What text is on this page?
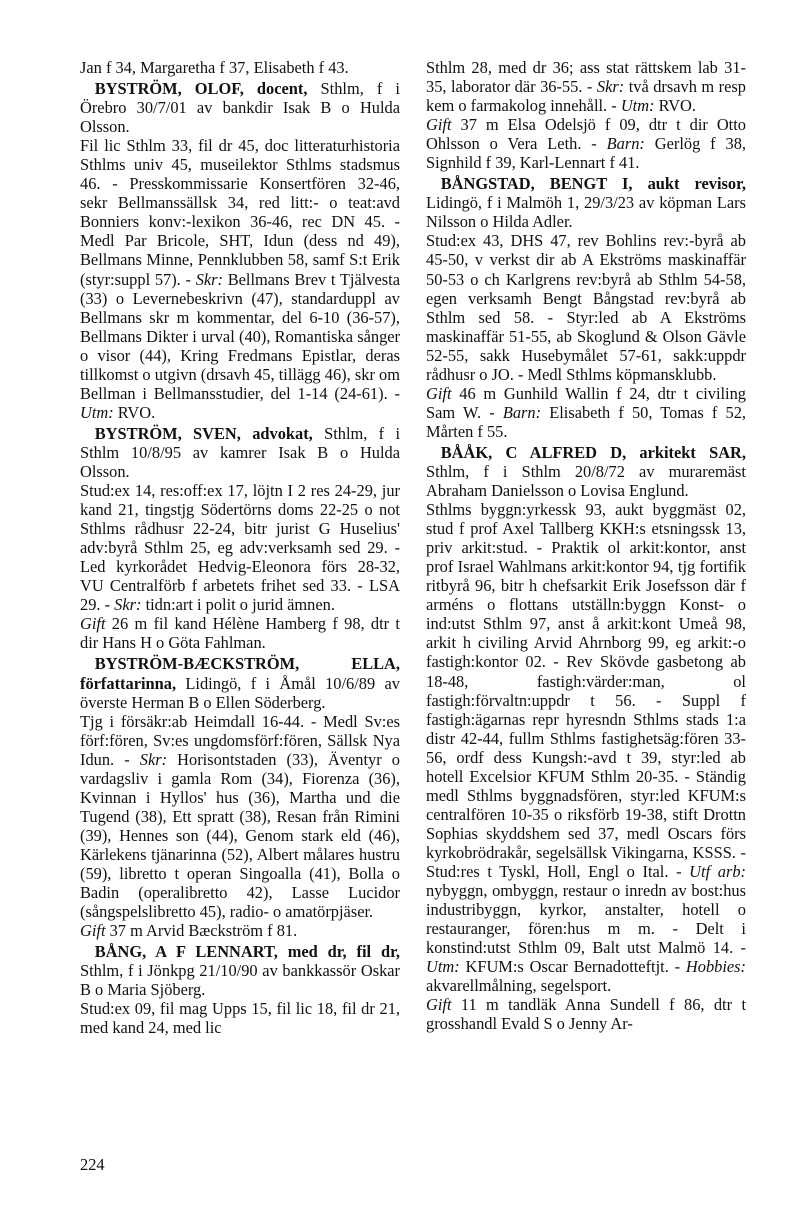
Jan f 34, Margaretha f 37, Elisabeth f 43.

BYSTRÖM, OLOF, docent, Sthlm, f i Örebro 30/7/01 av bankdir Isak B o Hulda Olsson.

Fil lic Sthlm 33, fil dr 45, doc litteraturhistoria Sthlms univ 45, museilektor Sthlms stadsmus 46. - Presskommissarie Konsertfören 32-46, sekr Bellmanssällsk 34, red litt:- o teat:avd Bonniers konv:-lexikon 36-46, rec DN 45. - Medl Par Bricole, SHT, Idun (dess nd 49), Bellmans Minne, Pennklubben 58, samf S:t Erik (styr:suppl 57). - Skr: Bellmans Brev t Tjälvesta (33) o Levernebeskrivn (47), standarduppl av Bellmans skr m kommentar, del 6-10 (36-57), Bellmans Dikter i urval (40), Romantiska sånger o visor (44), Kring Fredmans Epistlar, deras tillkomst o utgivn (drsavh 45, tillägg 46), skr om Bellman i Bellmansstudier, del 1-14 (24-61). - Utm: RVO.

BYSTRÖM, SVEN, advokat, Sthlm, f i Sthlm 10/8/95 av kamrer Isak B o Hulda Olsson.

Stud:ex 14, res:off:ex 17, löjtn I 2 res 24-29, jur kand 21, tingstjg Södertörns doms 22-25 o not Sthlms rådhusr 22-24, bitr jurist G Huselius' adv:byrå Sthlm 25, eg adv:verksamh sed 29. - Led kyrkorådet Hedvig-Eleonora förs 28-32, VU Centralförb f arbetets frihet sed 33. - LSA 29. - Skr: tidn:art i polit o jurid ämnen.

Gift 26 m fil kand Hélène Hamberg f 98, dtr t dir Hans H o Göta Fahlman.

BYSTRÖM-BÆCKSTRÖM, ELLA, författarinna, Lidingö, f i Åmål 10/6/89 av överste Herman B o Ellen Söderberg.

Tjg i försäkr:ab Heimdall 16-44. - Medl Sv:es förf:fören, Sv:es ungdomsförf:fören, Sällsk Nya Idun. - Skr: Horisontstaden (33), Äventyr o vardagsliv i gamla Rom (34), Fiorenza (36), Kvinnan i Hyllos' hus (36), Martha und die Tugend (38), Ett spratt (38), Resan från Rimini (39), Hennes son (44), Genom stark eld (46), Kärlekens tjänarinna (52), Albert målares hustru (59), libretto t operan Singoalla (41), Bolla o Badin (operalibretto 42), Lasse Lucidor (sångspelslibretto 45), radio- o amatörpjäser.

Gift 37 m Arvid Bæckström f 81.

BÅNG, A F LENNART, med dr, fil dr, Sthlm, f i Jönkpg 21/10/90 av bankkassör Oskar B o Maria Sjöberg.

Stud:ex 09, fil mag Upps 15, fil lic 18, fil dr 21, med kand 24, med lic

Sthlm 28, med dr 36; ass stat rättskem lab 31-35, laborator där 36-55. - Skr: två drsavh m resp kem o farmakolog innehåll. - Utm: RVO.

Gift 37 m Elsa Odelsjö f 09, dtr t dir Otto Ohlsson o Vera Leth. - Barn: Gerlög f 38, Signhild f 39, Karl-Lennart f 41.

BÅNGSTAD, BENGT I, aukt revisor, Lidingö, f i Malmöh 1, 29/3/23 av köpman Lars Nilsson o Hilda Adler.

Stud:ex 43, DHS 47, rev Bohlins rev:-byrå ab 45-50, v verkst dir ab A Ekströms maskinaffär 50-53 o ch Karlgrens rev:byrå ab Sthlm 54-58, egen verksamh Bengt Bångstad rev:byrå ab Sthlm sed 58. - Styr:led ab A Ekströms maskinaffär 51-55, ab Skoglund & Olson Gävle 52-55, sakk Husebymålet 57-61, sakk:uppdr rådhusr o JO. - Medl Sthlms köpmansklubb.

Gift 46 m Gunhild Wallin f 24, dtr t civiling Sam W. - Barn: Elisabeth f 50, Tomas f 52, Mårten f 55.

BÅÅK, C ALFRED D, arkitekt SAR, Sthlm, f i Sthlm 20/8/72 av muraremäst Abraham Danielsson o Lovisa Englund.

Sthlms byggn:yrkessk 93, aukt byggmäst 02, stud f prof Axel Tallberg KKH:s etsningssk 13, priv arkit:stud. - Praktik ol arkit:kontor, anst prof Israel Wahlmans arkit:kontor 94, tjg fortifik ritbyrå 96, bitr h chefsarkit Erik Josefsson där f arméns o flottans utställn:byggn Konst- o ind:utst Sthlm 97, anst å arkit:kont Umeå 98, arkit h civiling Arvid Ahrnborg 99, eg arkit:-o fastigh:kontor 02. - Rev Skövde gasbetong ab 18-48, fastigh:värder:man, ol fastigh:förvaltn:uppdr t 56. - Suppl f fastigh:ägarnas repr hyresndn Sthlms stads 1:a distr 42-44, fullm Sthlms fastighetsäg:fören 33-56, ordf dess Kungsh:-avd t 39, styr:led ab hotell Excelsior KFUM Sthlm 20-35. - Ständig medl Sthlms byggnadsfören, styr:led KFUM:s centralfören 10-35 o riksförb 19-38, stift Drottn Sophias skyddshem sed 37, medl Oscars förs kyrkobrödrakår, segelsällsk Vikingarna, KSSS. - Stud:res t Tyskl, Holl, Engl o Ital. - Utf arb: nybyggn, ombyggn, restaur o inredn av bost:hus industribyggn, kyrkor, anstalter, hotell o restauranger, fören:hus m m. - Delt i konstind:utst Sthlm 09, Balt utst Malmö 14. - Utm: KFUM:s Oscar Bernadotteftjt. - Hobbies: akvarellmålning, segelsport.

Gift 11 m tandläk Anna Sundell f 86, dtr t grosshandl Evald S o Jenny Ar-

224
